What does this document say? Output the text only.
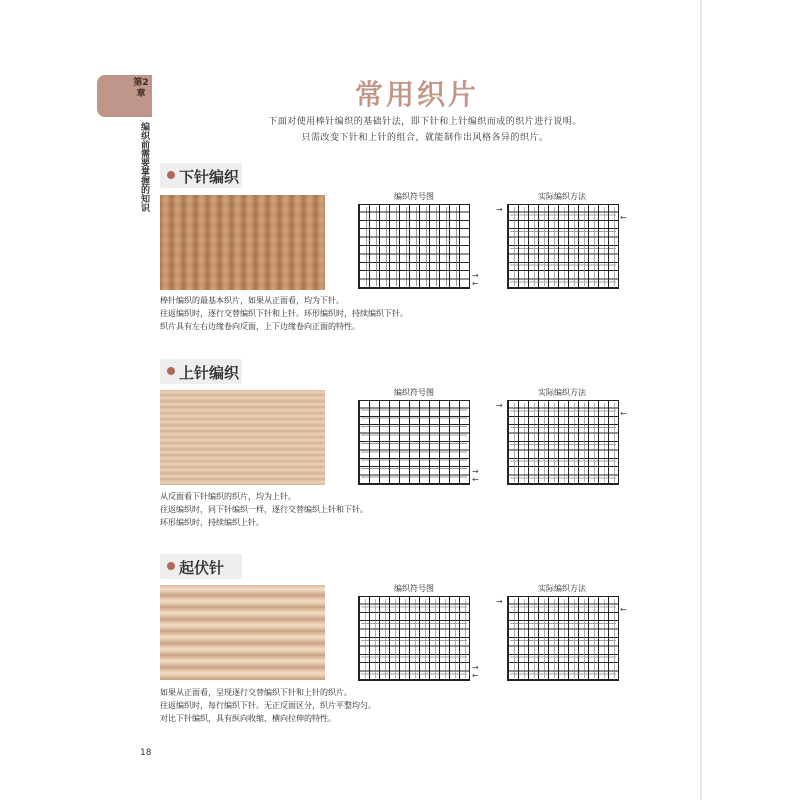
第2章
编织前需要掌握的知识
常用织片
下面对使用棒针编织的基础针法，即下针和上针编织而成的织片进行说明。
只需改变下针和上针的组合，就能制作出风格各异的织片。
下针编织
棒针编织的最基本织片，如果从正面看，均为下针。
往返编织时，逐行交替编织下针和上针。环形编织时，持续编织下针。
织片具有左右边缘卷向反面，上下边缘卷向正面的特性。
编织符号图	实际编织方法
→
←
→
←
上针编织
从反面看下针编织的织片，均为上针。
往返编织时，同下针编织一样，逐行交替编织上针和下针。
环形编织时，持续编织上针。
编织符号图	实际编织方法
→
←
→
←
起伏针
如果从正面看，呈现逐行交替编织下针和上针的织片。
往返编织时，每行编织下针。无正反面区分，织片平整均匀。
对比下针编织，具有纵向收缩、横向拉伸的特性。
编织符号图	实际编织方法
→
←
→
←
18
